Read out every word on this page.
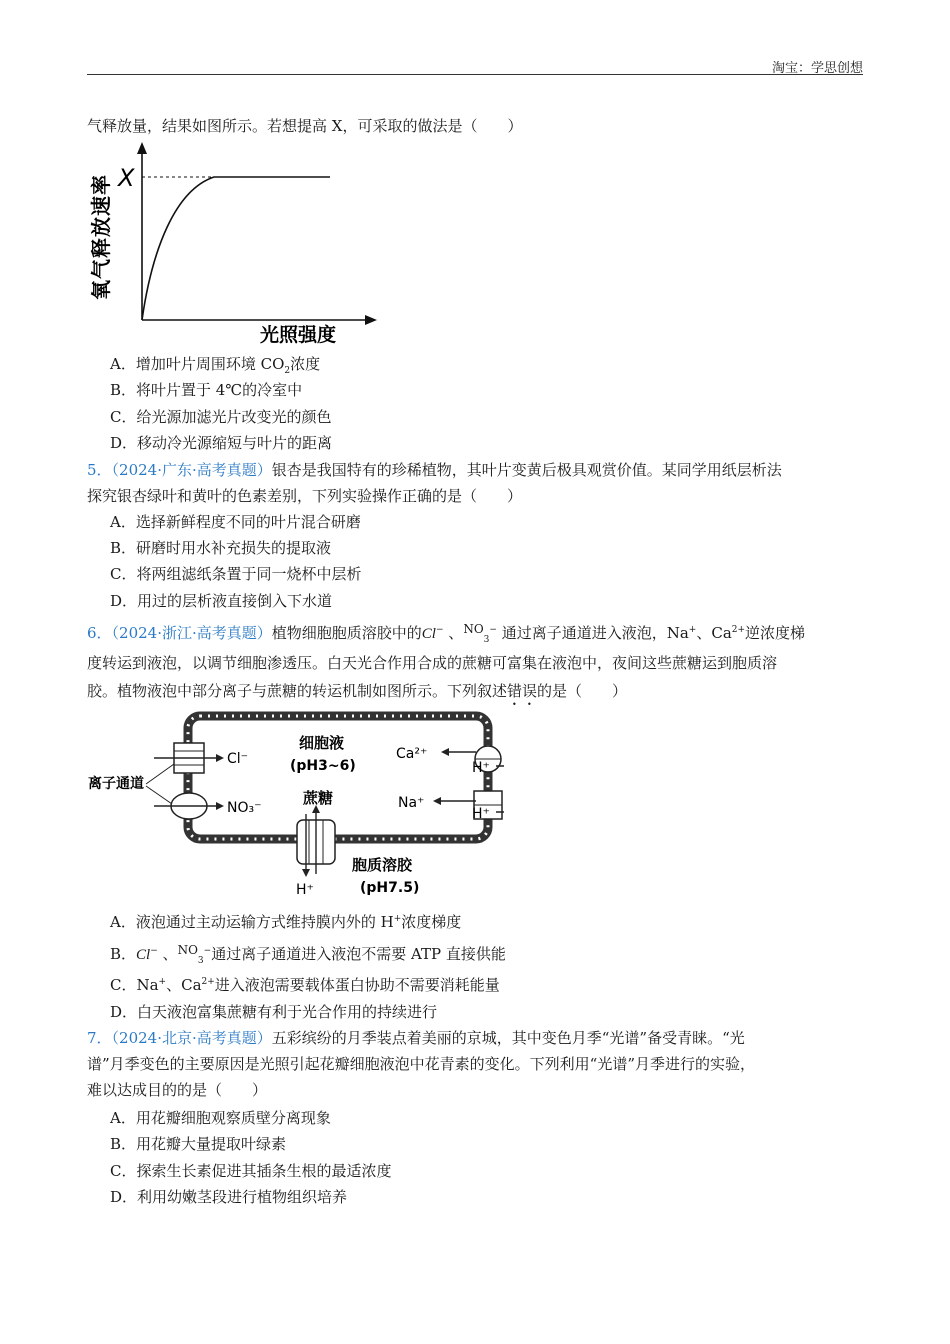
淘宝：学思创想
气释放量，结果如图所示。若想提高 X，可采取的做法是（　　）
X
氧气释放速率
光照强度
A．增加叶片周围环境 $CO_2$浓度
B．将叶片置于 4℃的冷室中
C．给光源加滤光片改变光的颜色
D．移动冷光源缩短与叶片的距离
5．（2024·广东·高考真题）银杏是我国特有的珍稀植物，其叶片变黄后极具观赏价值。某同学用纸层析法
探究银杏绿叶和黄叶的色素差别，下列实验操作正确的是（　　）
A．选择新鲜程度不同的叶片混合研磨
B．研磨时用水补充损失的提取液
C．将两组滤纸条置于同一烧杯中层析
D．用过的层析液直接倒入下水道
6．（2024·浙江·高考真题）植物细胞胞质溶胶中的Cl− 、$^{NO}_3$− 通过离子通道进入液泡，Na+、$Ca^{2+}$逆浓度梯
度转运到液泡，以调节细胞渗透压。白天光合作用合成的蔗糖可富集在液泡中，夜间这些蔗糖运到胞质溶
胶。植物液泡中部分离子与蔗糖的转运机制如图所示。下列叙述错误的是（　　）
Cl⁻
NO₃⁻
离子通道
细胞液
(pH3~6)
Ca²⁺
H⁺
Na⁺
H⁺
蔗糖
H⁺
胞质溶胶
(pH7.5)
A．液泡通过主动运输方式维持膜内外的 H+浓度梯度
B．Cl− 、$^{NO}_3$−通过离子通道进入液泡不需要 ATP 直接供能
C．Na+、$Ca^{2+}$进入液泡需要载体蛋白协助不需要消耗能量
D．白天液泡富集蔗糖有利于光合作用的持续进行
7．（2024·北京·高考真题）五彩缤纷的月季装点着美丽的京城，其中变色月季“光谱”备受青睐。“光
谱”月季变色的主要原因是光照引起花瓣细胞液泡中花青素的变化。下列利用“光谱”月季进行的实验，
难以达成目的的是（　　）
A．用花瓣细胞观察质壁分离现象
B．用花瓣大量提取叶绿素
C．探索生长素促进其插条生根的最适浓度
D．利用幼嫩茎段进行植物组织培养
